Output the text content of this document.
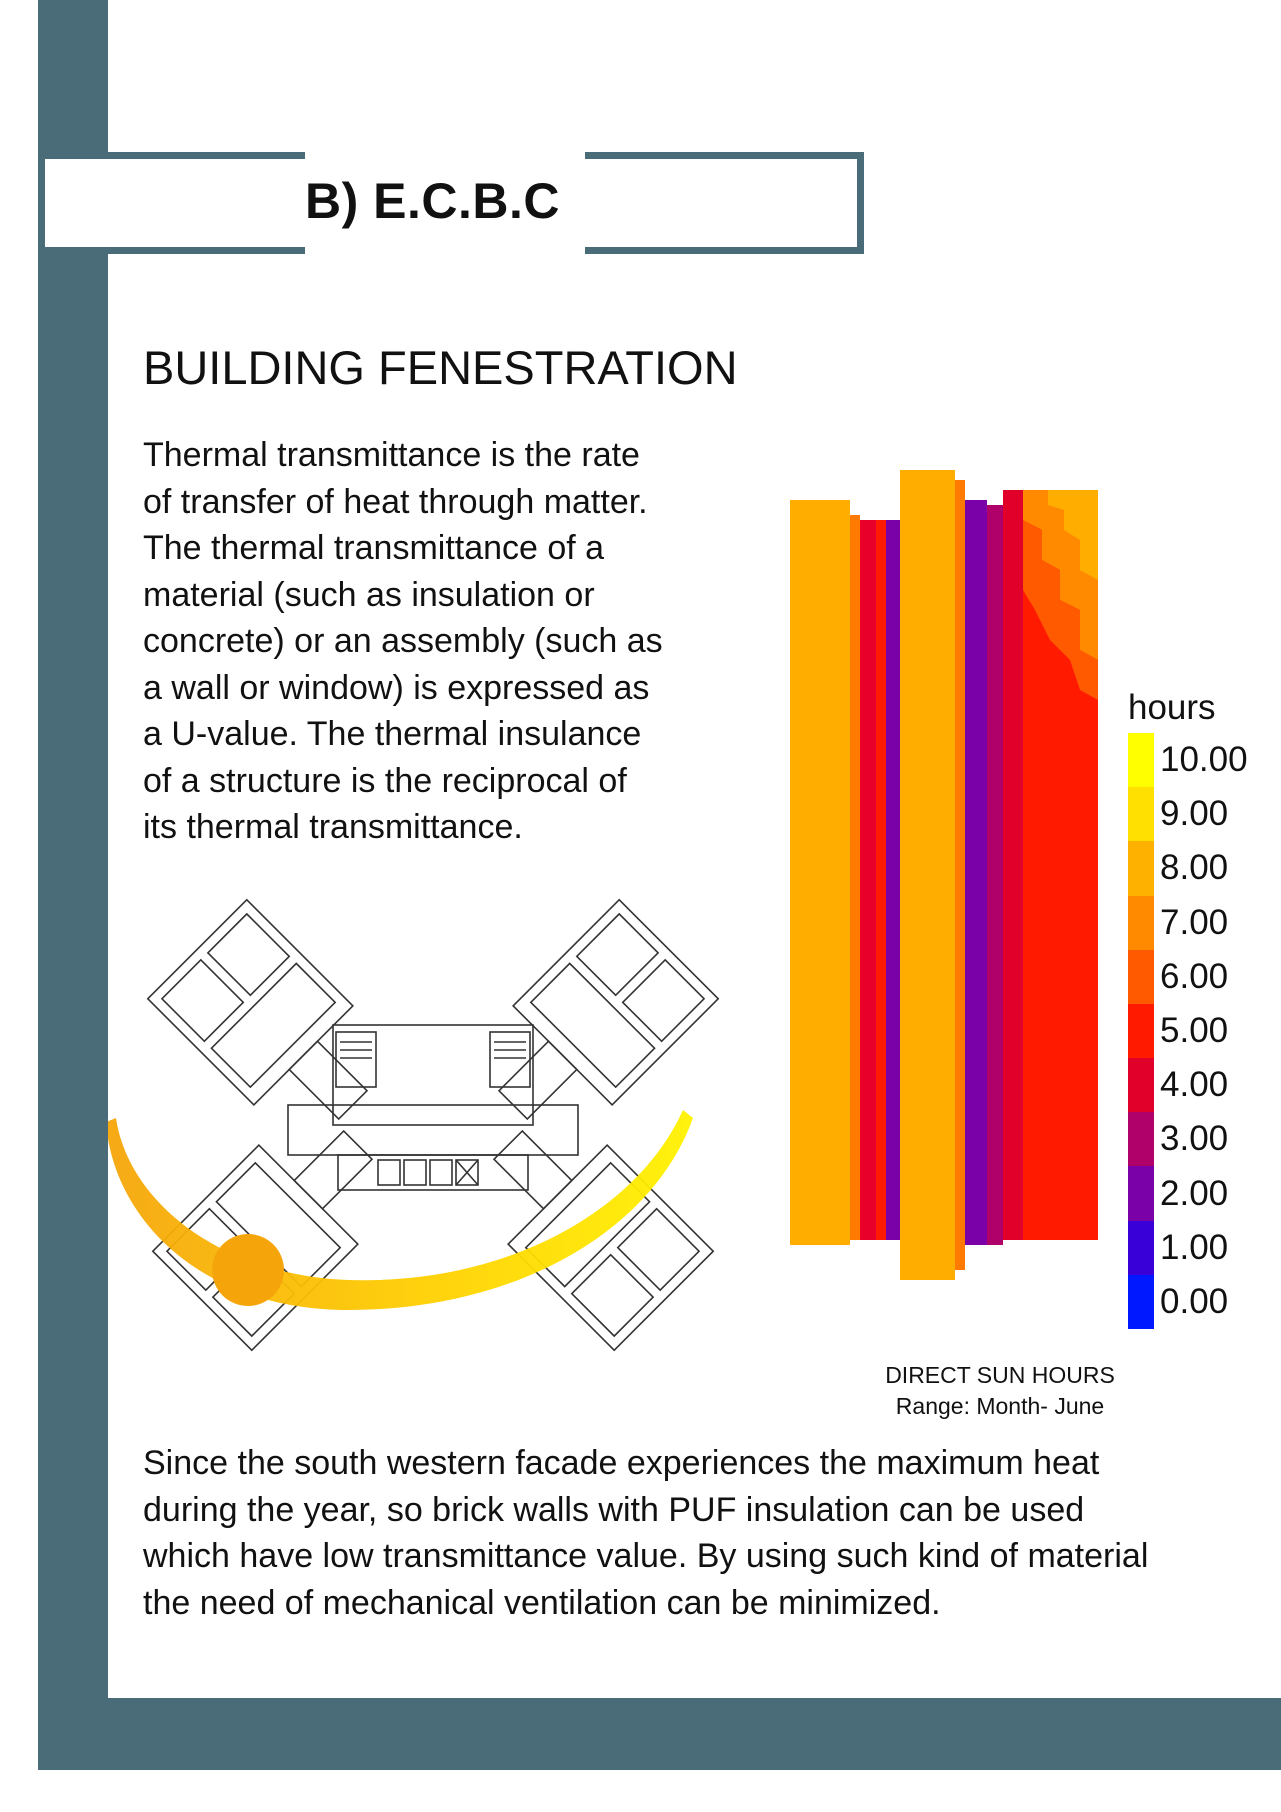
B) E.C.B.C
BUILDING FENESTRATION
Thermal transmittance is the rate
of transfer of heat through matter.
The thermal transmittance of a
material (such as insulation or
concrete) or an assembly (such as
a wall or window) is expressed as
a U-value. The thermal insulance
of a structure is the reciprocal of
its thermal transmittance.
hours
10.00
9.00
8.00
7.00
6.00
5.00
4.00
3.00
2.00
1.00
0.00
DIRECT SUN HOURS
Range: Month- June
Since the south western facade experiences the maximum heat
during the year, so brick walls with PUF insulation can be used
which have low transmittance value. By using such kind of material
the need of mechanical ventilation can be minimized.
